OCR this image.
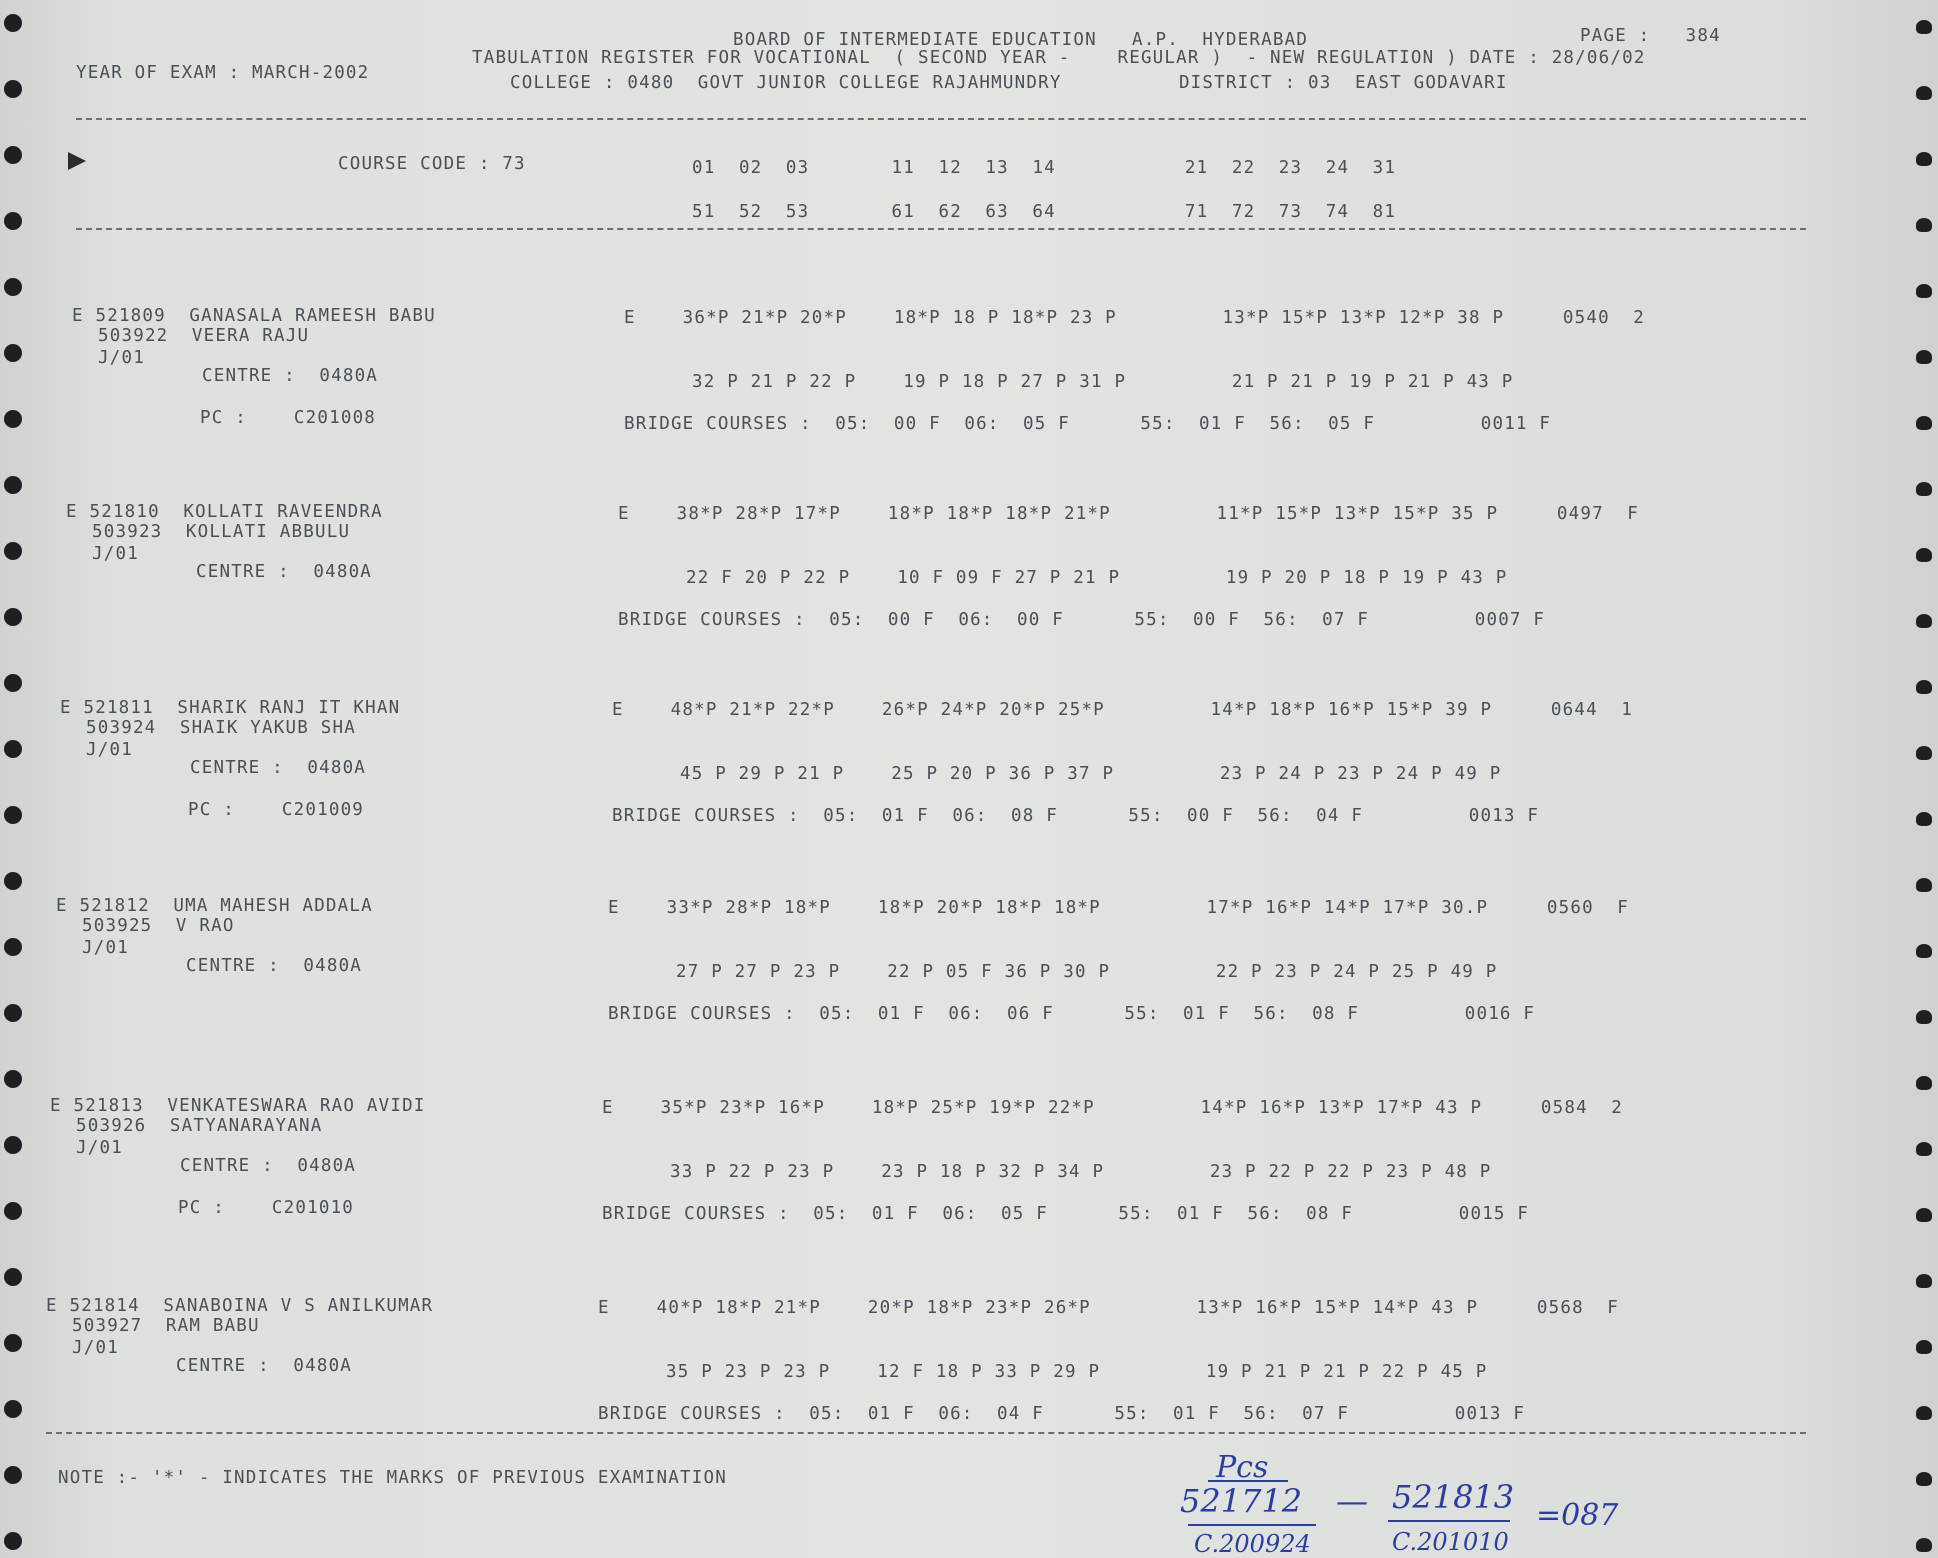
BOARD OF INTERMEDIATE EDUCATION   A.P.  HYDERABAD	PAGE :   384
YEAR OF EXAM : MARCH-2002
TABULATION REGISTER FOR VOCATIONAL  ( SECOND YEAR -    REGULAR )  - NEW REGULATION ) DATE : 28/06/02
COLLEGE : 0480  GOVT JUNIOR COLLEGE RAJAHMUNDRY          DISTRICT : 03  EAST GODAVARI
COURSE CODE : 73	01  02  03       11  12  13  14           21  22  23  24  31
51  52  53       61  62  63  64           71  72  73  74  81
E 521809  GANASALA RAMEESH BABU
503922  VEERA RAJU
J/01
CENTRE :  0480A
PC :    C201008
E    36*P 21*P 20*P    18*P 18 P 18*P 23 P         13*P 15*P 13*P 12*P 38 P     0540  2
32 P 21 P 22 P    19 P 18 P 27 P 31 P         21 P 21 P 19 P 21 P 43 P
BRIDGE COURSES :  05:  00 F  06:  05 F      55:  01 F  56:  05 F         0011 F
E 521810  KOLLATI RAVEENDRA
503923  KOLLATI ABBULU
J/01
CENTRE :  0480A
E    38*P 28*P 17*P    18*P 18*P 18*P 21*P         11*P 15*P 13*P 15*P 35 P     0497  F
22 F 20 P 22 P    10 F 09 F 27 P 21 P         19 P 20 P 18 P 19 P 43 P
BRIDGE COURSES :  05:  00 F  06:  00 F      55:  00 F  56:  07 F         0007 F
E 521811  SHARIK RANJ IT KHAN
503924  SHAIK YAKUB SHA
J/01
CENTRE :  0480A
PC :    C201009
E    48*P 21*P 22*P    26*P 24*P 20*P 25*P         14*P 18*P 16*P 15*P 39 P     0644  1
45 P 29 P 21 P    25 P 20 P 36 P 37 P         23 P 24 P 23 P 24 P 49 P
BRIDGE COURSES :  05:  01 F  06:  08 F      55:  00 F  56:  04 F         0013 F
E 521812  UMA MAHESH ADDALA
503925  V RAO
J/01
CENTRE :  0480A
E    33*P 28*P 18*P    18*P 20*P 18*P 18*P         17*P 16*P 14*P 17*P 30.P     0560  F
27 P 27 P 23 P    22 P 05 F 36 P 30 P         22 P 23 P 24 P 25 P 49 P
BRIDGE COURSES :  05:  01 F  06:  06 F      55:  01 F  56:  08 F         0016 F
E 521813  VENKATESWARA RAO AVIDI
503926  SATYANARAYANA
J/01
CENTRE :  0480A
PC :    C201010
E    35*P 23*P 16*P    18*P 25*P 19*P 22*P         14*P 16*P 13*P 17*P 43 P     0584  2
33 P 22 P 23 P    23 P 18 P 32 P 34 P         23 P 22 P 22 P 23 P 48 P
BRIDGE COURSES :  05:  01 F  06:  05 F      55:  01 F  56:  08 F         0015 F
E 521814  SANABOINA V S ANILKUMAR
503927  RAM BABU
J/01
CENTRE :  0480A
E    40*P 18*P 21*P    20*P 18*P 23*P 26*P         13*P 16*P 15*P 14*P 43 P     0568  F
35 P 23 P 23 P    12 F 18 P 33 P 29 P         19 P 21 P 21 P 22 P 45 P
BRIDGE COURSES :  05:  01 F  06:  04 F      55:  01 F  56:  07 F         0013 F
NOTE :- '*' - INDICATES THE MARKS OF PREVIOUS EXAMINATION	Pcs
521712 — 521813 =087
C.200924	C.201010
